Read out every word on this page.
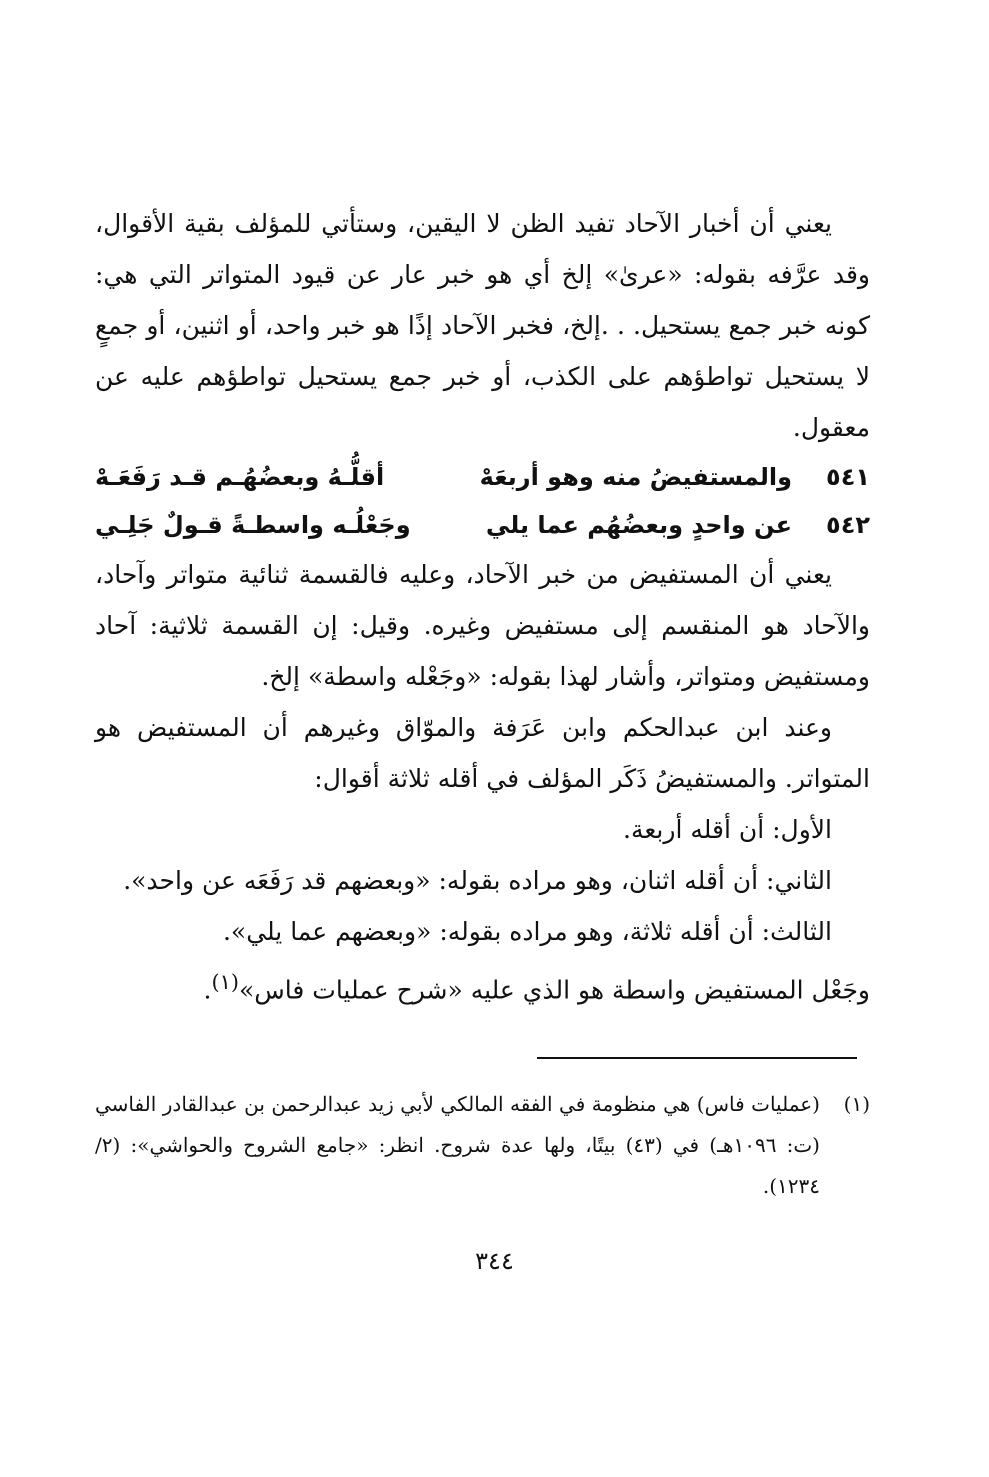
يعني أن أخبار الآحاد تفيد الظن لا اليقين، وستأتي للمؤلف بقية الأقوال، وقد عرَّفه بقوله: «عرىٰ» إلخ أي هو خبر عار عن قيود المتواتر التي هي: كونه خبر جمع يستحيل. . .إلخ، فخبر الآحاد إذًا هو خبر واحد، أو اثنين، أو جمعٍ لا يستحيل تواطؤهم على الكذب، أو خبر جمع يستحيل تواطؤهم عليه عن معقول.

٥٤١
والمستفيضُ منه وهو أربعَهْ
أقلُّـهُ وبعضُهُـم قـد رَفَعَـهْ
٥٤٢
عن واحدٍ وبعضُهُم عما يلي
وجَعْلُـه واسطـةً قـولٌ جَلِـي

يعني أن المستفيض من خبر الآحاد، وعليه فالقسمة ثنائية متواتر وآحاد، والآحاد هو المنقسم إلى مستفيض وغيره. وقيل: إن القسمة ثلاثية: آحاد ومستفيض ومتواتر، وأشار لهذا بقوله: «وجَعْله واسطة» إلخ.

وعند ابن عبدالحكم وابن عَرَفة والموّاق وغيرهم أن المستفيض هو المتواتر. والمستفيضُ ذَكَر المؤلف في أقله ثلاثة أقوال:

الأول: أن أقله أربعة.

الثاني: أن أقله اثنان، وهو مراده بقوله: «وبعضهم قد رَفَعَه عن واحد».

الثالث: أن أقله ثلاثة، وهو مراده بقوله: «وبعضهم عما يلي».

وجَعْل المستفيض واسطة هو الذي عليه «شرح عمليات فاس»$^{(١)}$.

(١)
(عمليات فاس) هي منظومة في الفقه المالكي لأبي زيد عبدالرحمن بن عبدالقادر الفاسي (ت: ١٠٩٦هـ) في (٤٣) بيتًا، ولها عدة شروح. انظر: «جامع الشروح والحواشي»: (٢/ ١٢٣٤).
٣٤٤
